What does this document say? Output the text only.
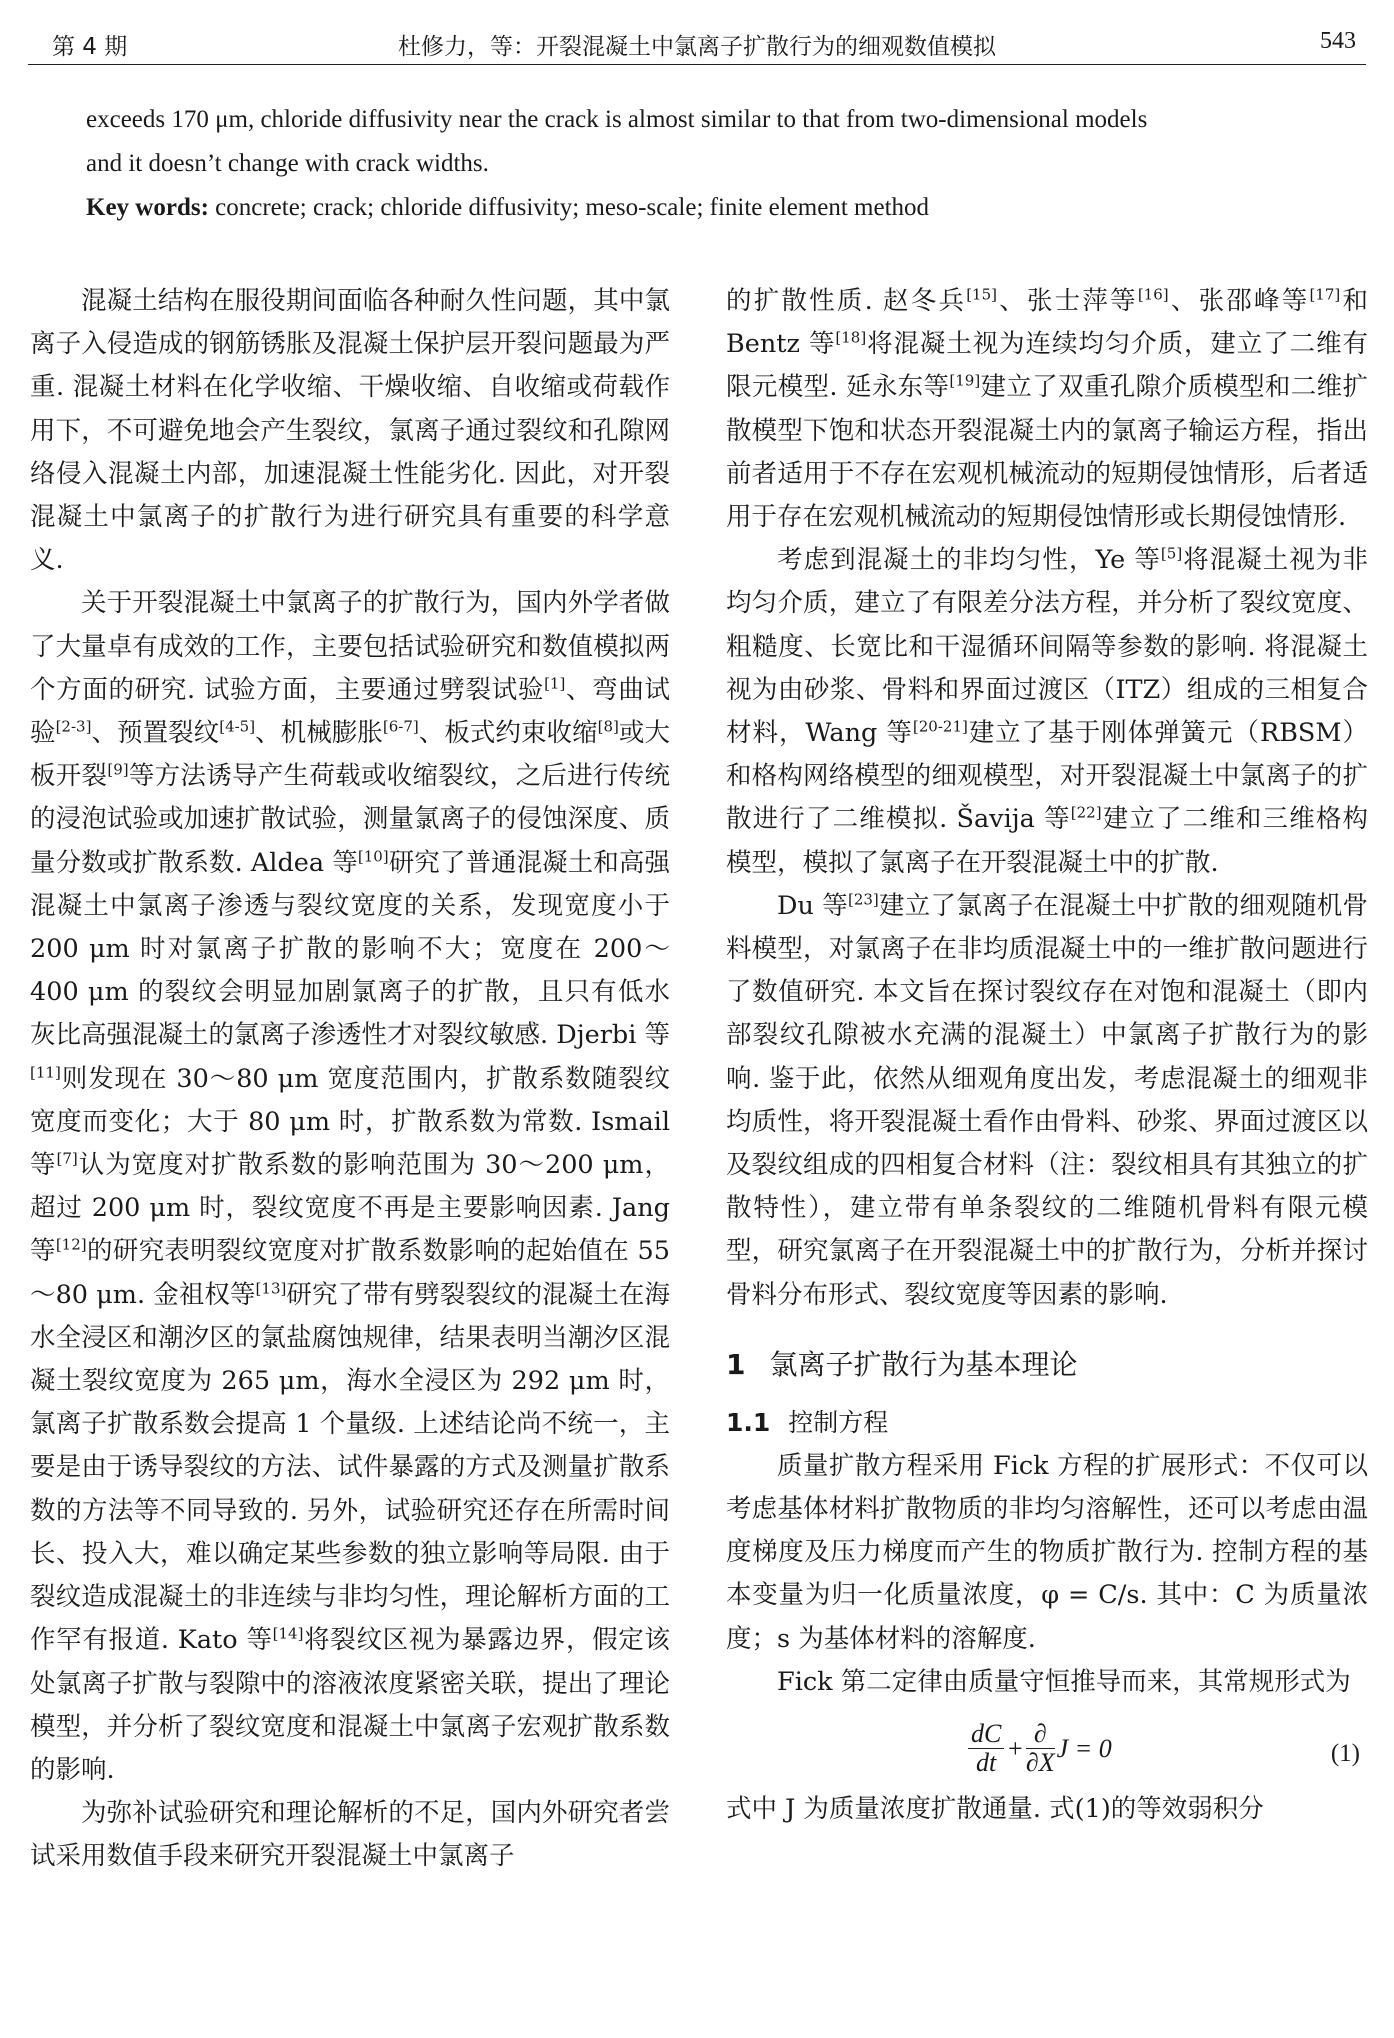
第 4 期	杜修力，等：开裂混凝土中氯离子扩散行为的细观数值模拟	543

exceeds 170 μm, chloride diffusivity near the crack is almost similar to that from two-dimensional models

and it doesn’t change with crack widths.

Key words: concrete; crack; chloride diffusivity; meso-scale; finite element method

混凝土结构在服役期间面临各种耐久性问题，其中氯离子入侵造成的钢筋锈胀及混凝土保护层开裂问题最为严重. 混凝土材料在化学收缩、干燥收缩、自收缩或荷载作用下，不可避免地会产生裂纹，氯离子通过裂纹和孔隙网络侵入混凝土内部，加速混凝土性能劣化. 因此，对开裂混凝土中氯离子的扩散行为进行研究具有重要的科学意义.

关于开裂混凝土中氯离子的扩散行为，国内外学者做了大量卓有成效的工作，主要包括试验研究和数值模拟两个方面的研究. 试验方面，主要通过劈裂试验[1]、弯曲试验[2-3]、预置裂纹[4-5]、机械膨胀[6-7]、板式约束收缩[8]或大板开裂[9]等方法诱导产生荷载或收缩裂纹，之后进行传统的浸泡试验或加速扩散试验，测量氯离子的侵蚀深度、质量分数或扩散系数. Aldea 等[10]研究了普通混凝土和高强混凝土中氯离子渗透与裂纹宽度的关系，发现宽度小于 200 μm 时对氯离子扩散的影响不大；宽度在 200～400 μm 的裂纹会明显加剧氯离子的扩散，且只有低水灰比高强混凝土的氯离子渗透性才对裂纹敏感. Djerbi 等[11]则发现在 30～80 μm 宽度范围内，扩散系数随裂纹宽度而变化；大于 80 μm 时，扩散系数为常数. Ismail 等[7]认为宽度对扩散系数的影响范围为 30～200 μm，超过 200 μm 时，裂纹宽度不再是主要影响因素. Jang 等[12]的研究表明裂纹宽度对扩散系数影响的起始值在 55～80 μm. 金祖权等[13]研究了带有劈裂裂纹的混凝土在海水全浸区和潮汐区的氯盐腐蚀规律，结果表明当潮汐区混凝土裂纹宽度为 265 μm，海水全浸区为 292 μm 时，氯离子扩散系数会提高 1 个量级. 上述结论尚不统一，主要是由于诱导裂纹的方法、试件暴露的方式及测量扩散系数的方法等不同导致的. 另外，试验研究还存在所需时间长、投入大，难以确定某些参数的独立影响等局限. 由于裂纹造成混凝土的非连续与非均匀性，理论解析方面的工作罕有报道. Kato 等[14]将裂纹区视为暴露边界，假定该处氯离子扩散与裂隙中的溶液浓度紧密关联，提出了理论模型，并分析了裂纹宽度和混凝土中氯离子宏观扩散系数的影响.

为弥补试验研究和理论解析的不足，国内外研究者尝试采用数值手段来研究开裂混凝土中氯离子

的扩散性质. 赵冬兵[15]、张士萍等[16]、张邵峰等[17]和 Bentz 等[18]将混凝土视为连续均匀介质，建立了二维有限元模型. 延永东等[19]建立了双重孔隙介质模型和二维扩散模型下饱和状态开裂混凝土内的氯离子输运方程，指出前者适用于不存在宏观机械流动的短期侵蚀情形，后者适用于存在宏观机械流动的短期侵蚀情形或长期侵蚀情形.

考虑到混凝土的非均匀性，Ye 等[5]将混凝土视为非均匀介质，建立了有限差分法方程，并分析了裂纹宽度、粗糙度、长宽比和干湿循环间隔等参数的影响. 将混凝土视为由砂浆、骨料和界面过渡区（ITZ）组成的三相复合材料，Wang 等[20-21]建立了基于刚体弹簧元（RBSM）和格构网络模型的细观模型，对开裂混凝土中氯离子的扩散进行了二维模拟. Šavija 等[22]建立了二维和三维格构模型，模拟了氯离子在开裂混凝土中的扩散.

Du 等[23]建立了氯离子在混凝土中扩散的细观随机骨料模型，对氯离子在非均质混凝土中的一维扩散问题进行了数值研究. 本文旨在探讨裂纹存在对饱和混凝土（即内部裂纹孔隙被水充满的混凝土）中氯离子扩散行为的影响. 鉴于此，依然从细观角度出发，考虑混凝土的细观非均质性，将开裂混凝土看作由骨料、砂浆、界面过渡区以及裂纹组成的四相复合材料（注：裂纹相具有其独立的扩散特性），建立带有单条裂纹的二维随机骨料有限元模型，研究氯离子在开裂混凝土中的扩散行为，分析并探讨骨料分布形式、裂纹宽度等因素的影响.

1 氯离子扩散行为基本理论
1.1 控制方程

质量扩散方程采用 Fick 方程的扩展形式：不仅可以考虑基体材料扩散物质的非均匀溶解性，还可以考虑由温度梯度及压力梯度而产生的物质扩散行为. 控制方程的基本变量为归一化质量浓度，φ = C/s. 其中：C 为质量浓度；s 为基体材料的溶解度.

Fick 第二定律由质量守恒推导而来，其常规形式为

$\frac{dC}{dt} + \frac{\partial}{\partial X}$ J = 0	(1)

式中 J 为质量浓度扩散通量. 式(1)的等效弱积分
